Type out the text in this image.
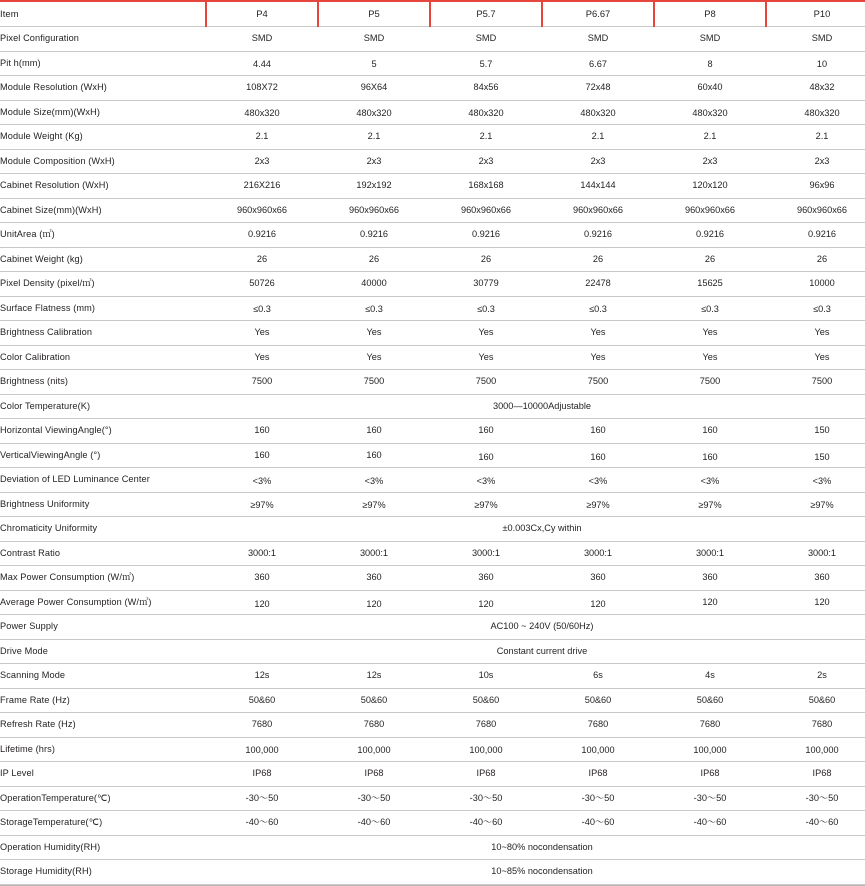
Item	P4	P5	P5.7	P6.67	P8	P10
Pixel Configuration	SMD	SMD	SMD	SMD	SMD	SMD
Pit h(mm)	4.44	5	5.7	6.67	8	10
Module Resolution (WxH)	108X72	96X64	84x56	72x48	60x40	48x32
Module Size(mm)(WxH)	480x320	480x320	480x320	480x320	480x320	480x320
Module Weight (Kg)	2.1	2.1	2.1	2.1	2.1	2.1
Module Composition (WxH)	2x3	2x3	2x3	2x3	2x3	2x3
Cabinet Resolution (WxH)	216X216	192x192	168x168	144x144	120x120	96x96
Cabinet Size(mm)(WxH)	960x960x66	960x960x66	960x960x66	960x960x66	960x960x66	960x960x66
UnitArea (㎡)	0.9216	0.9216	0.9216	0.9216	0.9216	0.9216
Cabinet Weight (kg)	26	26	26	26	26	26
Pixel Density (pixel/㎡)	50726	40000	30779	22478	15625	10000
Surface Flatness (mm)	≤0.3	≤0.3	≤0.3	≤0.3	≤0.3	≤0.3
Brightness Calibration	Yes	Yes	Yes	Yes	Yes	Yes
Color Calibration	Yes	Yes	Yes	Yes	Yes	Yes
Brightness (nits)	7500	7500	7500	7500	7500	7500
Color Temperature(K)	3000—10000Adjustable					
Horizontal ViewingAngle(°)	160	160	160	160	160	150
VerticalViewingAngle (°)	160	160	160	160	160	150
Deviation of LED Luminance Center	<3%	<3%	<3%	<3%	<3%	<3%
Brightness Uniformity	≥97%	≥97%	≥97%	≥97%	≥97%	≥97%
Chromaticity Uniformity	±0.003Cx,Cy within					
Contrast Ratio	3000:1	3000:1	3000:1	3000:1	3000:1	3000:1
Max Power Consumption (W/㎡)	360	360	360	360	360	360
Average Power Consumption (W/㎡)	120	120	120	120	120	120
Power Supply	AC100 ~ 240V (50/60Hz)					
Drive Mode	Constant current drive					
Scanning Mode	12s	12s	10s	6s	4s	2s
Frame Rate (Hz)	50&60	50&60	50&60	50&60	50&60	50&60
Refresh Rate (Hz)	7680	7680	7680	7680	7680	7680
Lifetime (hrs)	100,000	100,000	100,000	100,000	100,000	100,000
IP Level	IP68	IP68	IP68	IP68	IP68	IP68
OperationTemperature(℃)	-30～50	-30～50	-30～50	-30～50	-30～50	-30～50
StorageTemperature(℃)	-40～60	-40～60	-40～60	-40～60	-40～60	-40～60
Operation Humidity(RH)	10~80% nocondensation					
Storage Humidity(RH)	10~85% nocondensation					
